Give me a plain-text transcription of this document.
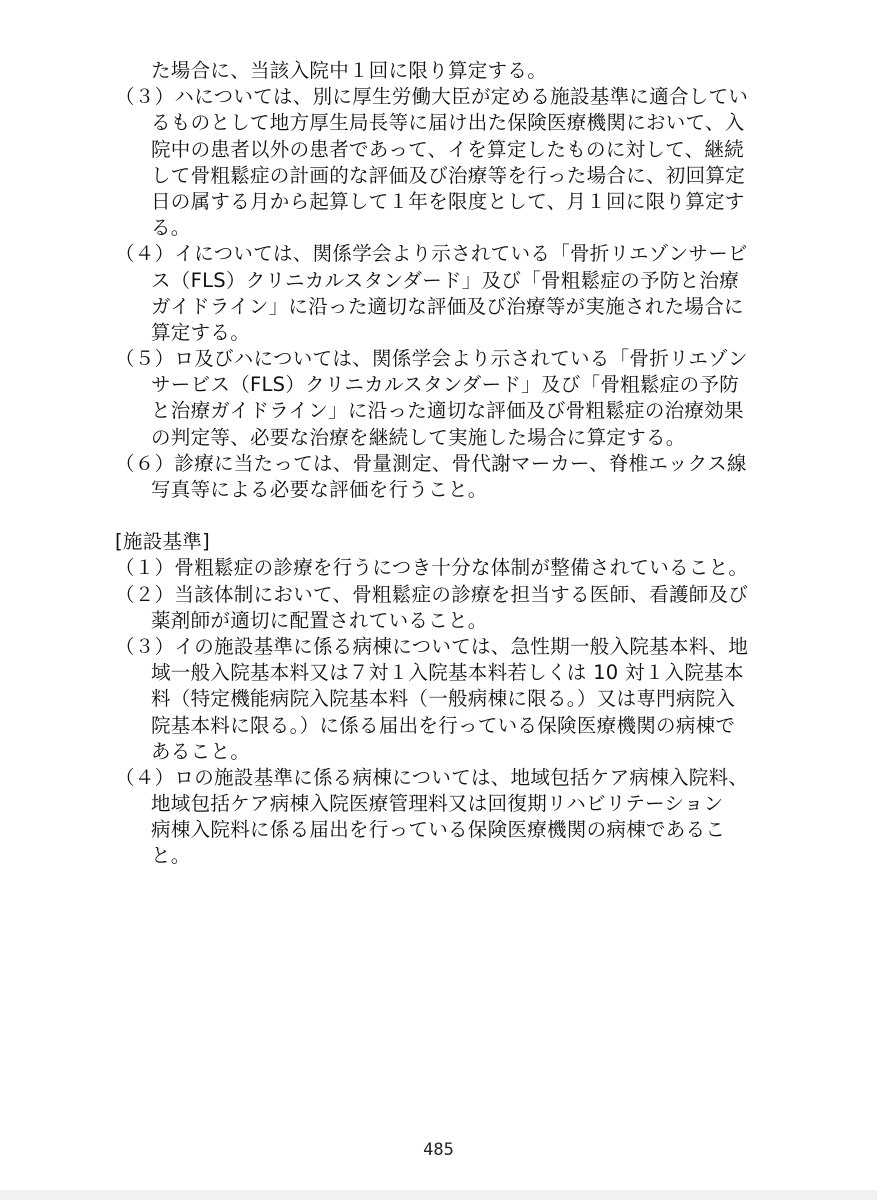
た場合に、当該入院中１回に限り算定する。
（３）ハについては、別に厚生労働大臣が定める施設基準に適合してい
るものとして地方厚生局長等に届け出た保険医療機関において、入
院中の患者以外の患者であって、イを算定したものに対して、継続
して骨粗鬆症の計画的な評価及び治療等を行った場合に、初回算定
日の属する月から起算して１年を限度として、月１回に限り算定す
る。
（４）イについては、関係学会より示されている「骨折リエゾンサービ
ス（FLS）クリニカルスタンダード」及び「骨粗鬆症の予防と治療
ガイドライン」に沿った適切な評価及び治療等が実施された場合に
算定する。
（５）ロ及びハについては、関係学会より示されている「骨折リエゾン
サービス（FLS）クリニカルスタンダード」及び「骨粗鬆症の予防
と治療ガイドライン」に沿った適切な評価及び骨粗鬆症の治療効果
の判定等、必要な治療を継続して実施した場合に算定する。
（６）診療に当たっては、骨量測定、骨代謝マーカー、脊椎エックス線
写真等による必要な評価を行うこと。
[施設基準]
（１）骨粗鬆症の診療を行うにつき十分な体制が整備されていること。
（２）当該体制において、骨粗鬆症の診療を担当する医師、看護師及び
薬剤師が適切に配置されていること。
（３）イの施設基準に係る病棟については、急性期一般入院基本料、地
域一般入院基本料又は７対１入院基本料若しくは 10 対１入院基本
料（特定機能病院入院基本料（一般病棟に限る。）又は専門病院入
院基本料に限る。）に係る届出を行っている保険医療機関の病棟で
あること。
（４）ロの施設基準に係る病棟については、地域包括ケア病棟入院料、
地域包括ケア病棟入院医療管理料又は回復期リハビリテーション
病棟入院料に係る届出を行っている保険医療機関の病棟であるこ
と。
485
